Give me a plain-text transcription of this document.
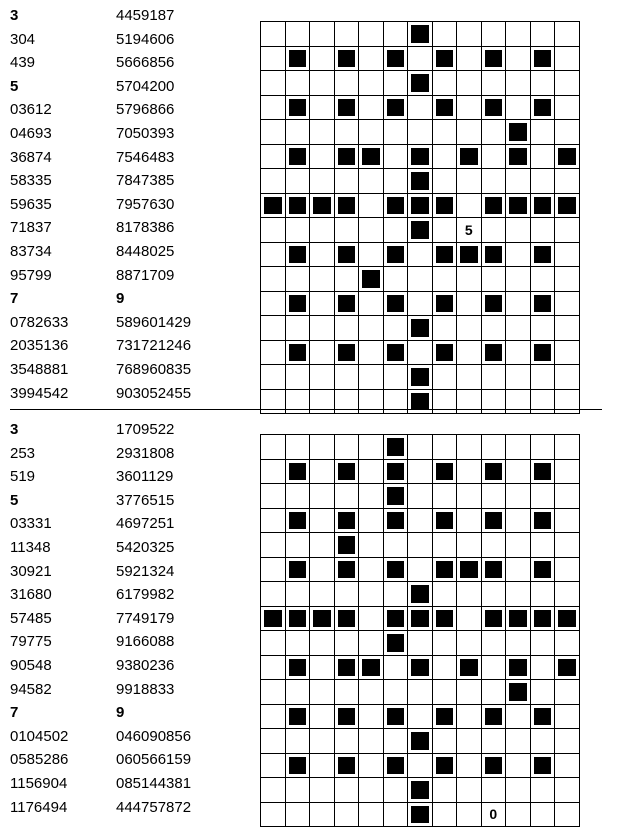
3
304
439
5
03612
04693
36874
58335
59635
71837
83734
95799
7
0782633
2035136
3548881
3994542
4459187
5194606
5666856
5704200
5796866
7050393
7546483
7847385
7957630
8178386
8448025
8871709
9
589601429
731721246
768960835
903052455
5
3
253
519
5
03331
11348
30921
31680
57485
79775
90548
94582
7
0104502
0585286
1156904
1176494
1709522
2931808
3601129
3776515
4697251
5420325
5921324
6179982
7749179
9166088
9380236
9918833
9
046090856
060566159
085144381
444757872	0
